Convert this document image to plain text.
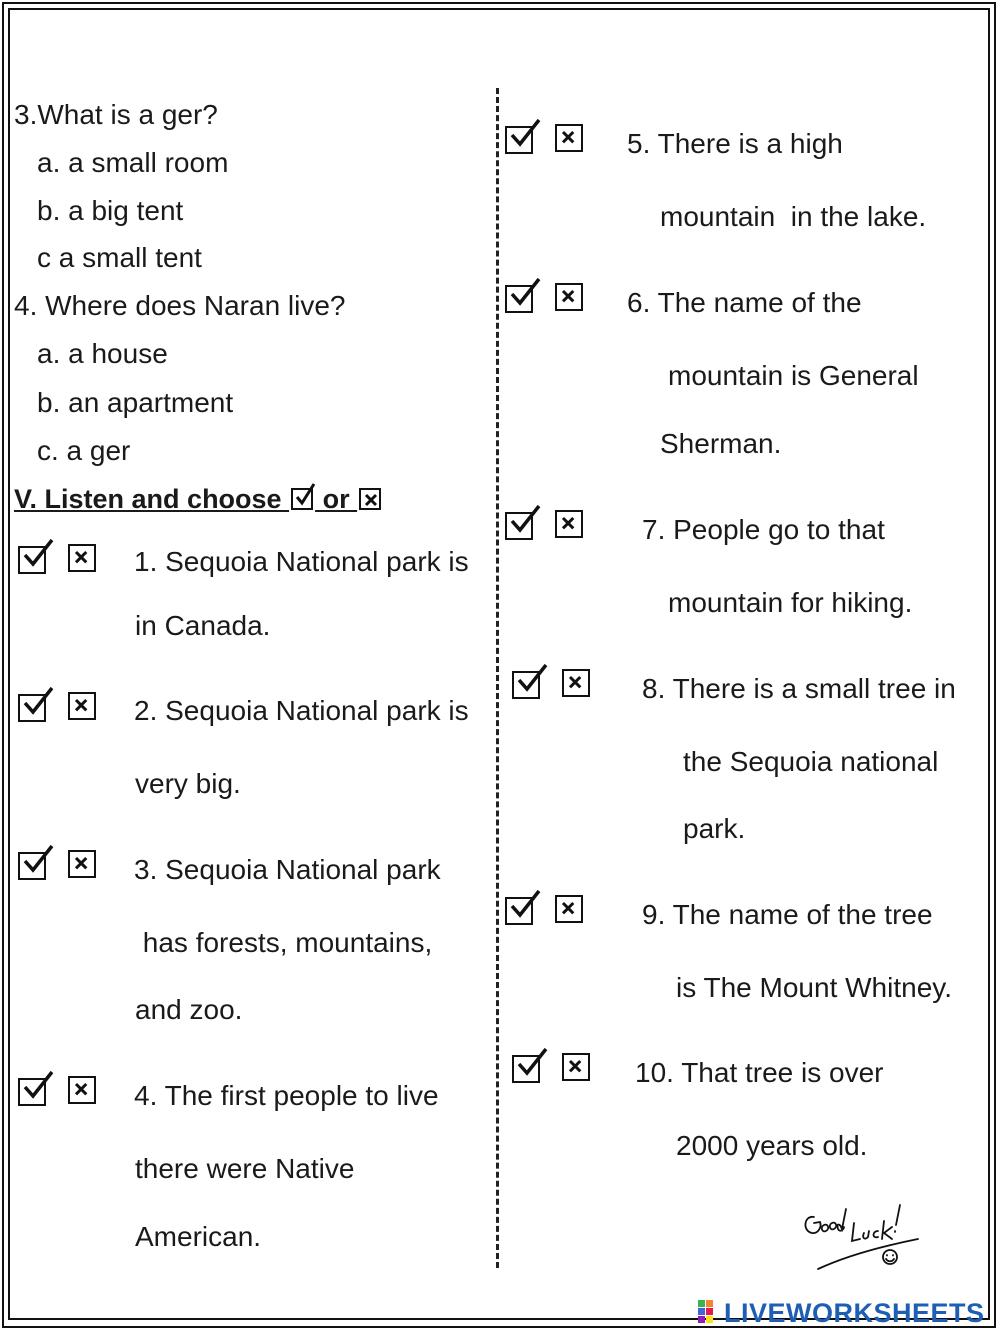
3.What is a ger?
a. a small room
b. a big tent
c a small tent
4. Where does Naran live?
a. a house
b. an apartment
c. a ger
V. Listen and choose
or
1. Sequoia National park is
in Canada.
2. Sequoia National park is
very big.
3. Sequoia National park
has forests, mountains,
and zoo.
4. The first people to live
there were Native
American.
5. There is a high
mountain  in the lake.
6. The name of the
mountain is General
Sherman.
7. People go to that
mountain for hiking.
8. There is a small tree in
the Sequoia national
park.
9. The name of the tree
is The Mount Whitney.
10. That tree is over
2000 years old.
LIVEWORKSHEETS
